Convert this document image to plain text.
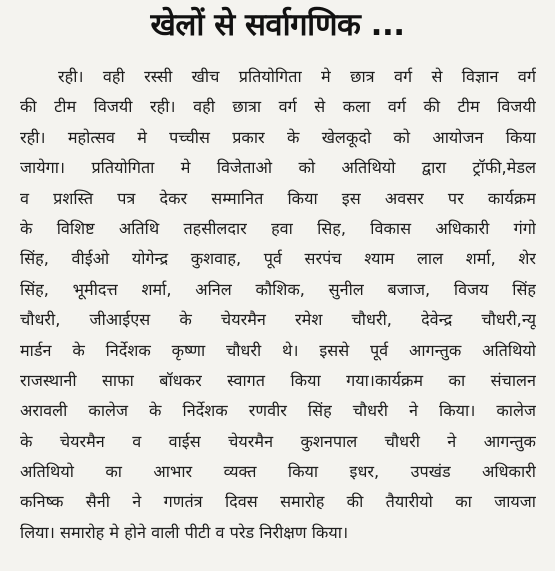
खेलों से सर्वागणिक ...
रही। वही रस्सी खीच प्रतियोगिता मे छात्र वर्ग से विज्ञान वर्ग
की टीम विजयी रही। वही छात्रा वर्ग से कला वर्ग की टीम विजयी
रही। महोत्सव मे पच्चीस प्रकार के खेलकूदो को आयोजन किया
जायेगा। प्रतियोगिता मे विजेताओ को अतिथियो द्वारा ट्रॉफी,मेडल
व प्रशस्ति पत्र देकर सम्मानित किया इस अवसर पर कार्यक्रम
के विशिष्ट अतिथि तहसीलदार हवा सिह, विकास अधिकारी गंगो
सिंह, वीईओ योगेन्द्र कुशवाह, पूर्व सरपंच श्याम लाल शर्मा, शेर
सिंह, भूमीदत्त शर्मा, अनिल कौशिक, सुनील बजाज, विजय सिंह
चौधरी, जीआईएस के चेयरमैन रमेश चौधरी, देवेन्द्र चौधरी,न्यू
मार्डन के निर्देशक कृष्णा चौधरी थे। इससे पूर्व आगन्तुक अतिथियो
राजस्थानी साफा बॉधकर स्वागत किया गया।कार्यक्रम का संचालन
अरावली कालेज के निर्देशक रणवीर सिंह चौधरी ने किया। कालेज
के चेयरमैन व वाईस चेयरमैन कुशनपाल चौधरी ने आगन्तुक
अतिथियो का आभार व्यक्त किया इधर, उपखंड अधिकारी
कनिष्क सैनी ने गणतंत्र दिवस समारोह की तैयारीयो का जायजा
लिया। समारोह मे होने वाली पीटी व परेड निरीक्षण किया।
